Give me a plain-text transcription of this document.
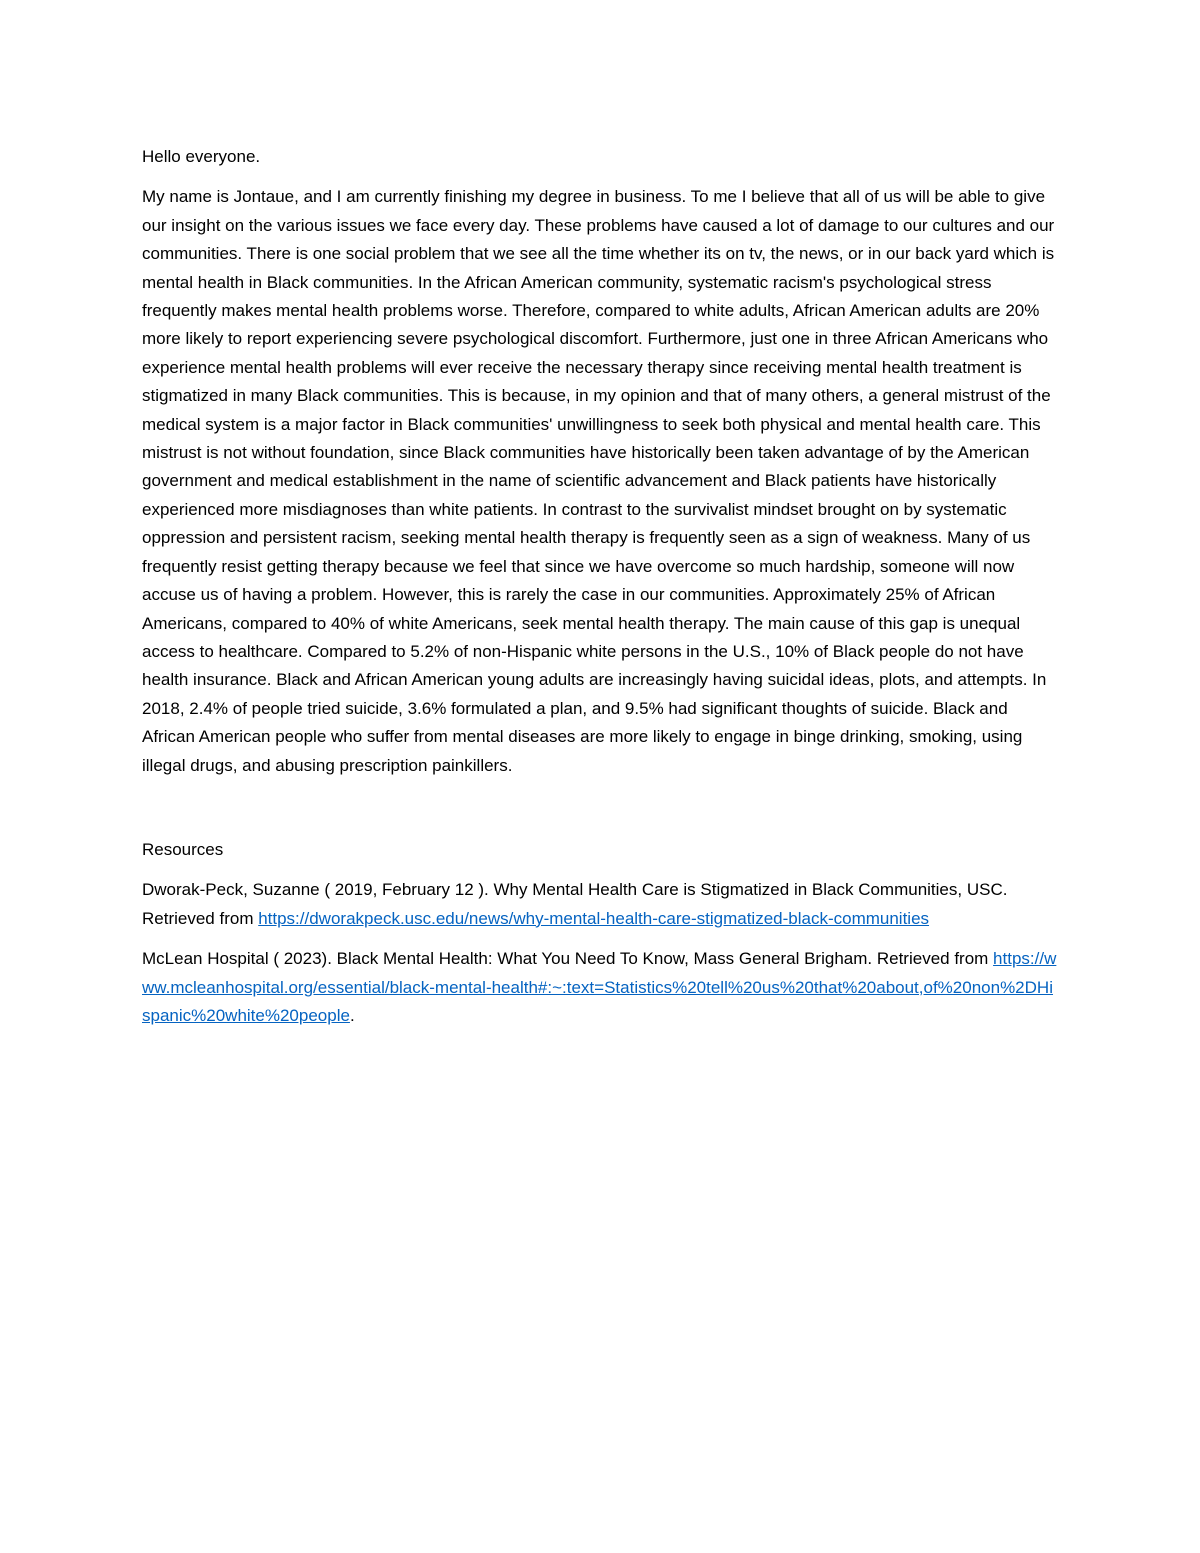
Hello everyone.

My name is Jontaue, and I am currently finishing my degree in business. To me I believe that all of us will be able to give our insight on the various issues we face every day. These problems have caused a lot of damage to our cultures and our communities. There is one social problem that we see all the time whether its on tv, the news, or in our back yard which is mental health in Black communities. In the African American community, systematic racism's psychological stress frequently makes mental health problems worse. Therefore, compared to white adults, African American adults are 20% more likely to report experiencing severe psychological discomfort. Furthermore, just one in three African Americans who experience mental health problems will ever receive the necessary therapy since receiving mental health treatment is stigmatized in many Black communities. This is because, in my opinion and that of many others, a general mistrust of the medical system is a major factor in Black communities' unwillingness to seek both physical and mental health care. This mistrust is not without foundation, since Black communities have historically been taken advantage of by the American government and medical establishment in the name of scientific advancement and Black patients have historically experienced more misdiagnoses than white patients. In contrast to the survivalist mindset brought on by systematic oppression and persistent racism, seeking mental health therapy is frequently seen as a sign of weakness. Many of us frequently resist getting therapy because we feel that since we have overcome so much hardship, someone will now accuse us of having a problem. However, this is rarely the case in our communities. Approximately 25% of African Americans, compared to 40% of white Americans, seek mental health therapy. The main cause of this gap is unequal access to healthcare. Compared to 5.2% of non-Hispanic white persons in the U.S., 10% of Black people do not have health insurance. Black and African American young adults are increasingly having suicidal ideas, plots, and attempts. In 2018, 2.4% of people tried suicide, 3.6% formulated a plan, and 9.5% had significant thoughts of suicide. Black and African American people who suffer from mental diseases are more likely to engage in binge drinking, smoking, using illegal drugs, and abusing prescription painkillers.

Resources

Dworak-Peck, Suzanne ( 2019, February 12 ). Why Mental Health Care is Stigmatized in Black Communities, USC. Retrieved from https://dworakpeck.usc.edu/news/why-mental-health-care-stigmatized-black-communities

McLean Hospital ( 2023). Black Mental Health: What You Need To Know, Mass General Brigham. Retrieved from https://www.mcleanhospital.org/essential/black-mental-health#:~:text=Statistics%20tell%20us%20that%20about,of%20non%2DHispanic%20white%20people.
